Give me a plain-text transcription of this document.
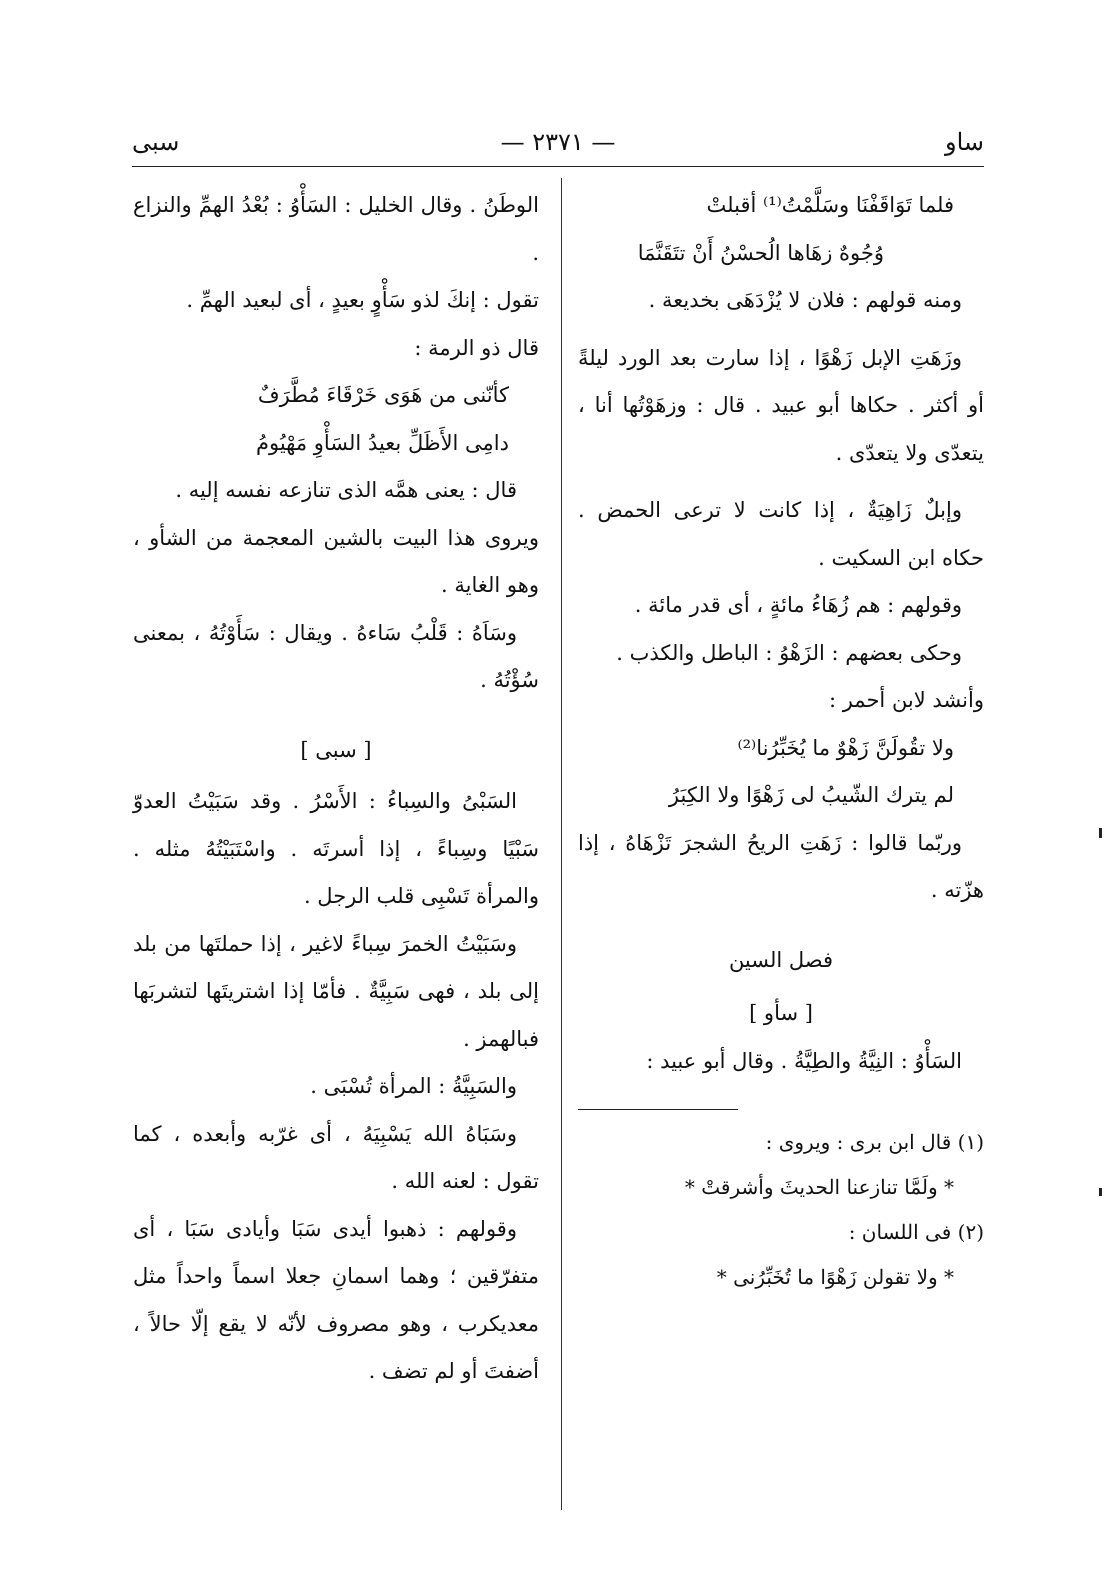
ساو
— ٢٣٧١ —
سبى

فلما تَوَاقَفْنَا وسَلَّمْتُ⁽¹⁾ أقبلتْ

وُجُوهٌ زهَاها الُحسْنُ أَنْ تتَقَنَّمَا

ومنه قولهم : فلان لا يُزْدَهَى بخديعة .

وزَهَتِ الإبل زَهْوًا ، إذا سارت بعد الورد ليلةً أو أكثر . حكاها أبو عبيد . قال : وزهَوْتُها أنا ، يتعدّى ولا يتعدّى .

وإبلٌ زَاهِيَةٌ ، إذا كانت لا ترعى الحمض . حكاه ابن السكيت .

وقولهم : هم زُهَاءُ مائةٍ ، أى قدر مائة .

وحكى بعضهم : الزَهْوُ : الباطل والكذب .

وأنشد لابن أحمر :

ولا تقُولَنَّ زَهْوٌ ما يُخَبِّرُنا⁽²⁾

لم يترك الشّيبُ لى زَهْوًا ولا الكِبَرُ

وربّما قالوا : زَهَتِ الريحُ الشجرَ تَزْهَاهُ ، إذا هزّته .

فصل السين

[ سأو ]

السَأْوُ : النِيَّةُ والطِيَّةُ . وقال أبو عبيد :

(١) قال ابن برى : ويروى :

* ولَمَّا تنازعنا الحديثَ وأشرقتْ *

(٢) فى اللسان :

* ولا تقولن زَهْوًا ما تُخَبِّرُنى *

الوطَنُ . وقال الخليل : السَأْوُ : بُعْدُ الهمِّ والنزاع .

تقول : إنكَ لذو سَأْوٍ بعيدٍ ، أى لبعيد الهمِّ .

قال ذو الرمة :

كأنّنى من هَوَى خَرْقَاءَ مُطَّرَفٌ

دامِى الأَظَلِّ بعيدُ السَأْوِ مَهْيُومُ

قال : يعنى همَّه الذى تنازعه نفسه إليه .

ويروى هذا البيت بالشين المعجمة من الشأو ، وهو الغاية .

وسَاَهُ : قَلْبُ سَاءهُ . ويقال : سَأَوْتُهُ ، بمعنى سُؤْتُهُ .

[ سبى ]

السَبْىُ والسِباءُ : الأَسْرُ . وقد سَبَيْتُ العدوّ سَبْيًا وسِباءً ، إذا أسرتَه . واسْتَبَيْتُهُ مثله . والمرأة تَسْبِى قلب الرجل .

وسَبَيْتُ الخمرَ سِباءً لاغير ، إذا حملتَها من بلد إلى بلد ، فهى سَبِيَّةٌ . فأمّا إذا اشتريتَها لتشربَها فبالهمز .

والسَبِيَّةُ : المرأة تُسْبَى .

وسَبَاهُ الله يَسْبِيَهُ ، أى غرّبه وأبعده ، كما تقول : لعنه الله .

وقولهم : ذهبوا أيدى سَبَا وأيادى سَبَا ، أى متفرّقين ؛ وهما اسمانِ جعلا اسماً واحداً مثل معديكرب ، وهو مصروف لأنّه لا يقع إلّا حالاً ، أضفتَ أو لم تضف .
